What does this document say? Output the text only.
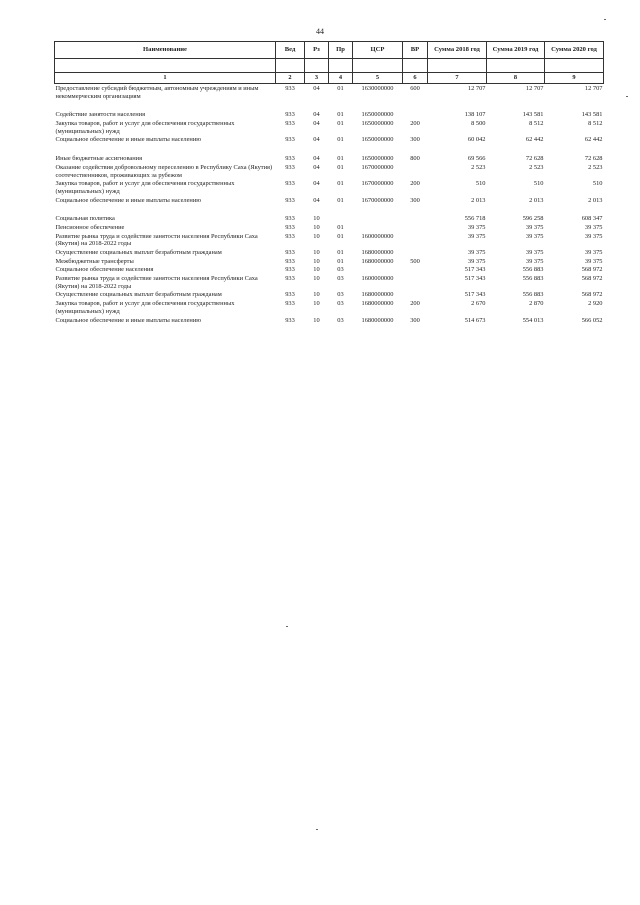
44
Наименование	Вед	Рз	Пр	ЦСР	ВР	Сумма 2018 год	Сумма 2019 год	Сумма 2020 год

1	2	3	4	5	6	7	8	9
Предоставление субсидий бюджетным, автономным учреждениям и иным некоммерческим организациям	933	04	01	1630000000	600	12 707	12 707	12 707

Содействие занятости населения	933	04	01	1650000000		138 107	143 581	143 581
Закупка товаров, работ и услуг для обеспечения государственных (муниципальных) нужд	933	04	01	1650000000	200	8 500	8 512	8 512
Социальное обеспечение и иные выплаты населению	933	04	01	1650000000	300	60 042	62 442	62 442

Иные бюджетные ассигнования	933	04	01	1650000000	800	69 566	72 628	72 628
Оказание содействия добровольному переселению в Республику Саха (Якутия) соотечественников, проживающих за рубежом	933	04	01	1670000000		2 523	2 523	2 523
Закупка товаров, работ и услуг для обеспечения государственных (муниципальных) нужд	933	04	01	1670000000	200	510	510	510
Социальное обеспечение и иные выплаты населению	933	04	01	1670000000	300	2 013	2 013	2 013

Социальная политика	933	10				556 718	596 258	608 347
Пенсионное обеспечение	933	10	01			39 375	39 375	39 375
Развитие рынка труда и содействие занятости населения Республики Саха (Якутия) на 2018-2022 годы	933	10	01	1600000000		39 375	39 375	39 375
Осуществление социальных выплат безработным гражданам	933	10	01	1680000000		39 375	39 375	39 375
Межбюджетные трансферты	933	10	01	1680000000	500	39 375	39 375	39 375
Социальное обеспечение населения	933	10	03			517 343	556 883	568 972
Развитие рынка труда и содействие занятости населения Республики Саха (Якутия) на 2018-2022 годы	933	10	03	1600000000		517 343	556 883	568 972
Осуществление социальных выплат безработным гражданам	933	10	03	1680000000		517 343	556 883	568 972
Закупка товаров, работ и услуг для обеспечения государственных (муниципальных) нужд	933	10	03	1680000000	200	2 670	2 870	2 920
Социальное обеспечение и иные выплаты населению	933	10	03	1680000000	300	514 673	554 013	566 052
